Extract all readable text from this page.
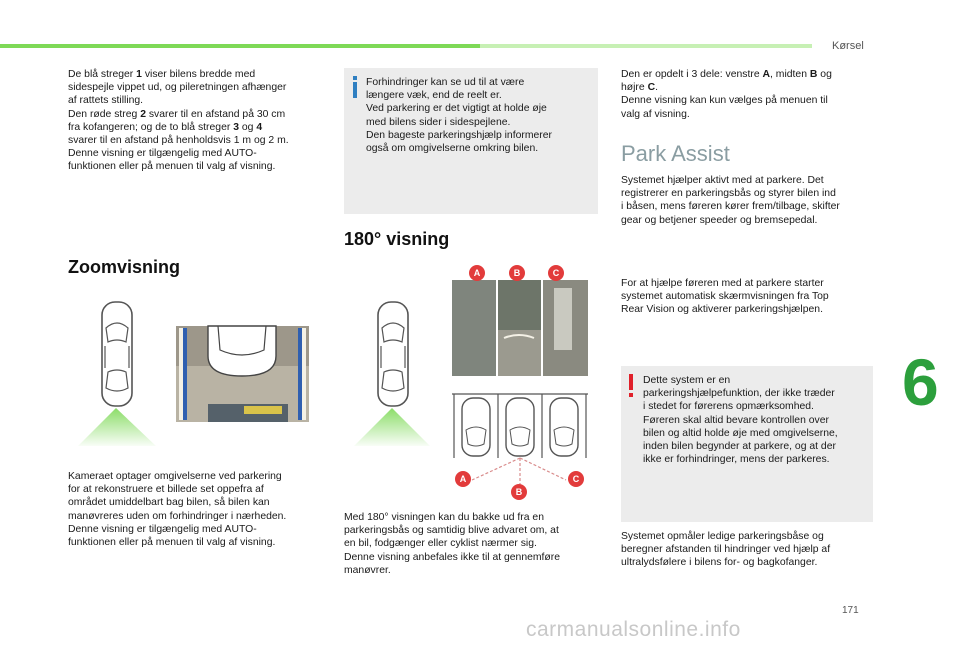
Kørsel
6
171
carmanualsonline.info

De blå streger 1 viser bilens bredde med

sidespejle vippet ud, og pileretningen afhænger

af rattets stilling.

Den røde streg 2 svarer til en afstand på 30 cm

fra kofangeren; og de to blå streger 3 og 4

svarer til en afstand på henholdsvis 1 m og 2 m.

Denne visning er tilgængelig med AUTO-

funktionen eller på menuen til valg af visning.

Zoomvisning

Kameraet optager omgivelserne ved parkering

for at rekonstruere et billede set oppefra af

området umiddelbart bag bilen, så bilen kan

manøvreres uden om forhindringer i nærheden.

Denne visning er tilgængelig med AUTO-

funktionen eller på menuen til valg af visning.

Forhindringer kan se ud til at være

længere væk, end de reelt er.

Ved parkering er det vigtigt at holde øje

med bilens sider i sidespejlene.

Den bageste parkeringshjælp informerer

også om omgivelserne omkring bilen.

180° visning
A	B	C
A
B
C

Med 180° visningen kan du bakke ud fra en

parkeringsbås og samtidig blive advaret om, at

en bil, fodgænger eller cyklist nærmer sig.

Denne visning anbefales ikke til at gennemføre

manøvrer.

Den er opdelt i 3 dele: venstre A, midten B og

højre C.

Denne visning kan kun vælges på menuen til

valg af visning.

Park Assist

Systemet hjælper aktivt med at parkere. Det

registrerer en parkeringsbås og styrer bilen ind

i båsen, mens føreren kører frem/tilbage, skifter

gear og betjener speeder og bremsepedal.

For at hjælpe føreren med at parkere starter

systemet automatisk skærmvisningen fra Top

Rear Vision og aktiverer parkeringshjælpen.

Dette system er en

parkeringshjælpefunktion, der ikke træder

i stedet for førerens opmærksomhed.

Føreren skal altid bevare kontrollen over

bilen og altid holde øje med omgivelserne,

inden bilen begynder at parkere, og at der

ikke er forhindringer, mens der parkeres.

Systemet opmåler ledige parkeringsbåse og

beregner afstanden til hindringer ved hjælp af

ultralydsfølere i bilens for- og bagkofanger.
